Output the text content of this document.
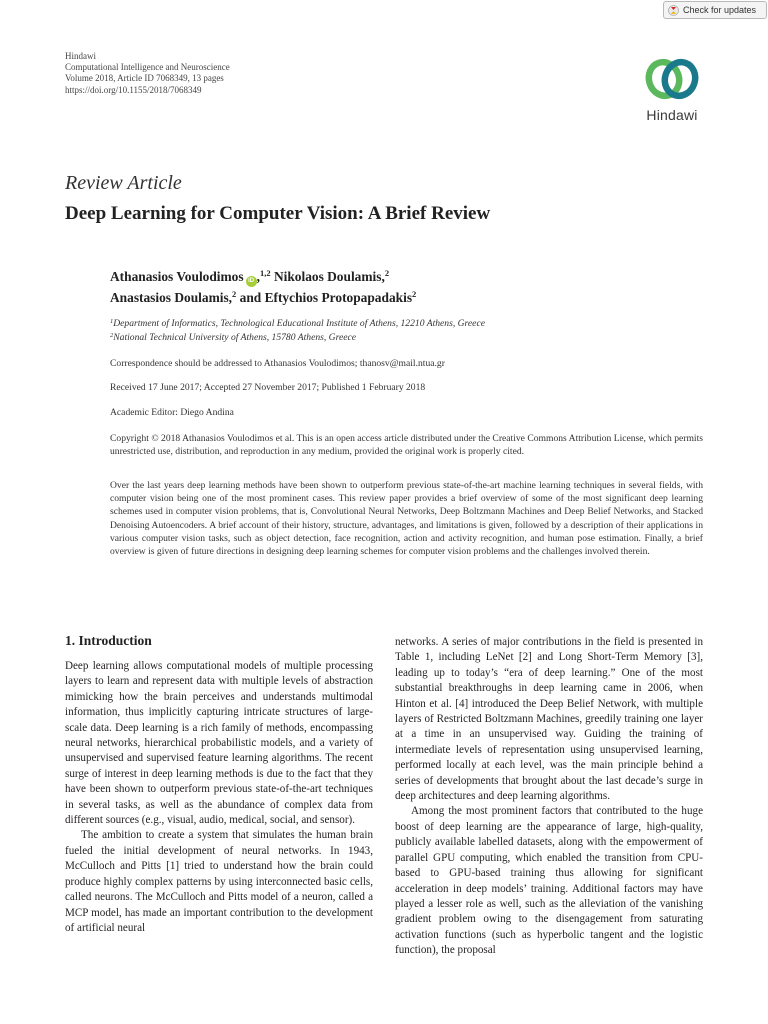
Check for updates
Hindawi
Computational Intelligence and Neuroscience
Volume 2018, Article ID 7068349, 13 pages
https://doi.org/10.1155/2018/7068349
Hindawi
Review Article
Deep Learning for Computer Vision: A Brief Review
Athanasios Voulodimos iD ,$^{1,2}$ Nikolaos Doulamis,$^2$
Anastasios Doulamis,$^2$ and Eftychios Protopapadakis$^2$
$^1$Department of Informatics, Technological Educational Institute of Athens, 12210 Athens, Greece
$^2$National Technical University of Athens, 15780 Athens, Greece
Correspondence should be addressed to Athanasios Voulodimos; thanosv@mail.ntua.gr
Received 17 June 2017; Accepted 27 November 2017; Published 1 February 2018
Academic Editor: Diego Andina
Copyright © 2018 Athanasios Voulodimos et al. This is an open access article distributed under the Creative Commons Attribution License, which permits unrestricted use, distribution, and reproduction in any medium, provided the original work is properly cited.
Over the last years deep learning methods have been shown to outperform previous state-of-the-art machine learning techniques in several fields, with computer vision being one of the most prominent cases. This review paper provides a brief overview of some of the most significant deep learning schemes used in computer vision problems, that is, Convolutional Neural Networks, Deep Boltzmann Machines and Deep Belief Networks, and Stacked Denoising Autoencoders. A brief account of their history, structure, advantages, and limitations is given, followed by a description of their applications in various computer vision tasks, such as object detection, face recognition, action and activity recognition, and human pose estimation. Finally, a brief overview is given of future directions in designing deep learning schemes for computer vision problems and the challenges involved therein.
1. Introduction

Deep learning allows computational models of multiple processing layers to learn and represent data with multiple levels of abstraction mimicking how the brain perceives and understands multimodal information, thus implicitly capturing intricate structures of large-scale data. Deep learning is a rich family of methods, encompassing neural networks, hierarchical probabilistic models, and a variety of unsupervised and supervised feature learning algorithms. The recent surge of interest in deep learning methods is due to the fact that they have been shown to outperform previous state-of-the-art techniques in several tasks, as well as the abundance of complex data from different sources (e.g., visual, audio, medical, social, and sensor).

The ambition to create a system that simulates the human brain fueled the initial development of neural networks. In 1943, McCulloch and Pitts [1] tried to understand how the brain could produce highly complex patterns by using interconnected basic cells, called neurons. The McCulloch and Pitts model of a neuron, called a MCP model, has made an important contribution to the development of artificial neural

networks. A series of major contributions in the field is presented in Table 1, including LeNet [2] and Long Short-Term Memory [3], leading up to today’s “era of deep learning.” One of the most substantial breakthroughs in deep learning came in 2006, when Hinton et al. [4] introduced the Deep Belief Network, with multiple layers of Restricted Boltzmann Machines, greedily training one layer at a time in an unsupervised way. Guiding the training of intermediate levels of representation using unsupervised learning, performed locally at each level, was the main principle behind a series of developments that brought about the last decade’s surge in deep architectures and deep learning algorithms.

Among the most prominent factors that contributed to the huge boost of deep learning are the appearance of large, high-quality, publicly available labelled datasets, along with the empowerment of parallel GPU computing, which enabled the transition from CPU-based to GPU-based training thus allowing for significant acceleration in deep models’ training. Additional factors may have played a lesser role as well, such as the alleviation of the vanishing gradient problem owing to the disengagement from saturating activation functions (such as hyperbolic tangent and the logistic function), the proposal
